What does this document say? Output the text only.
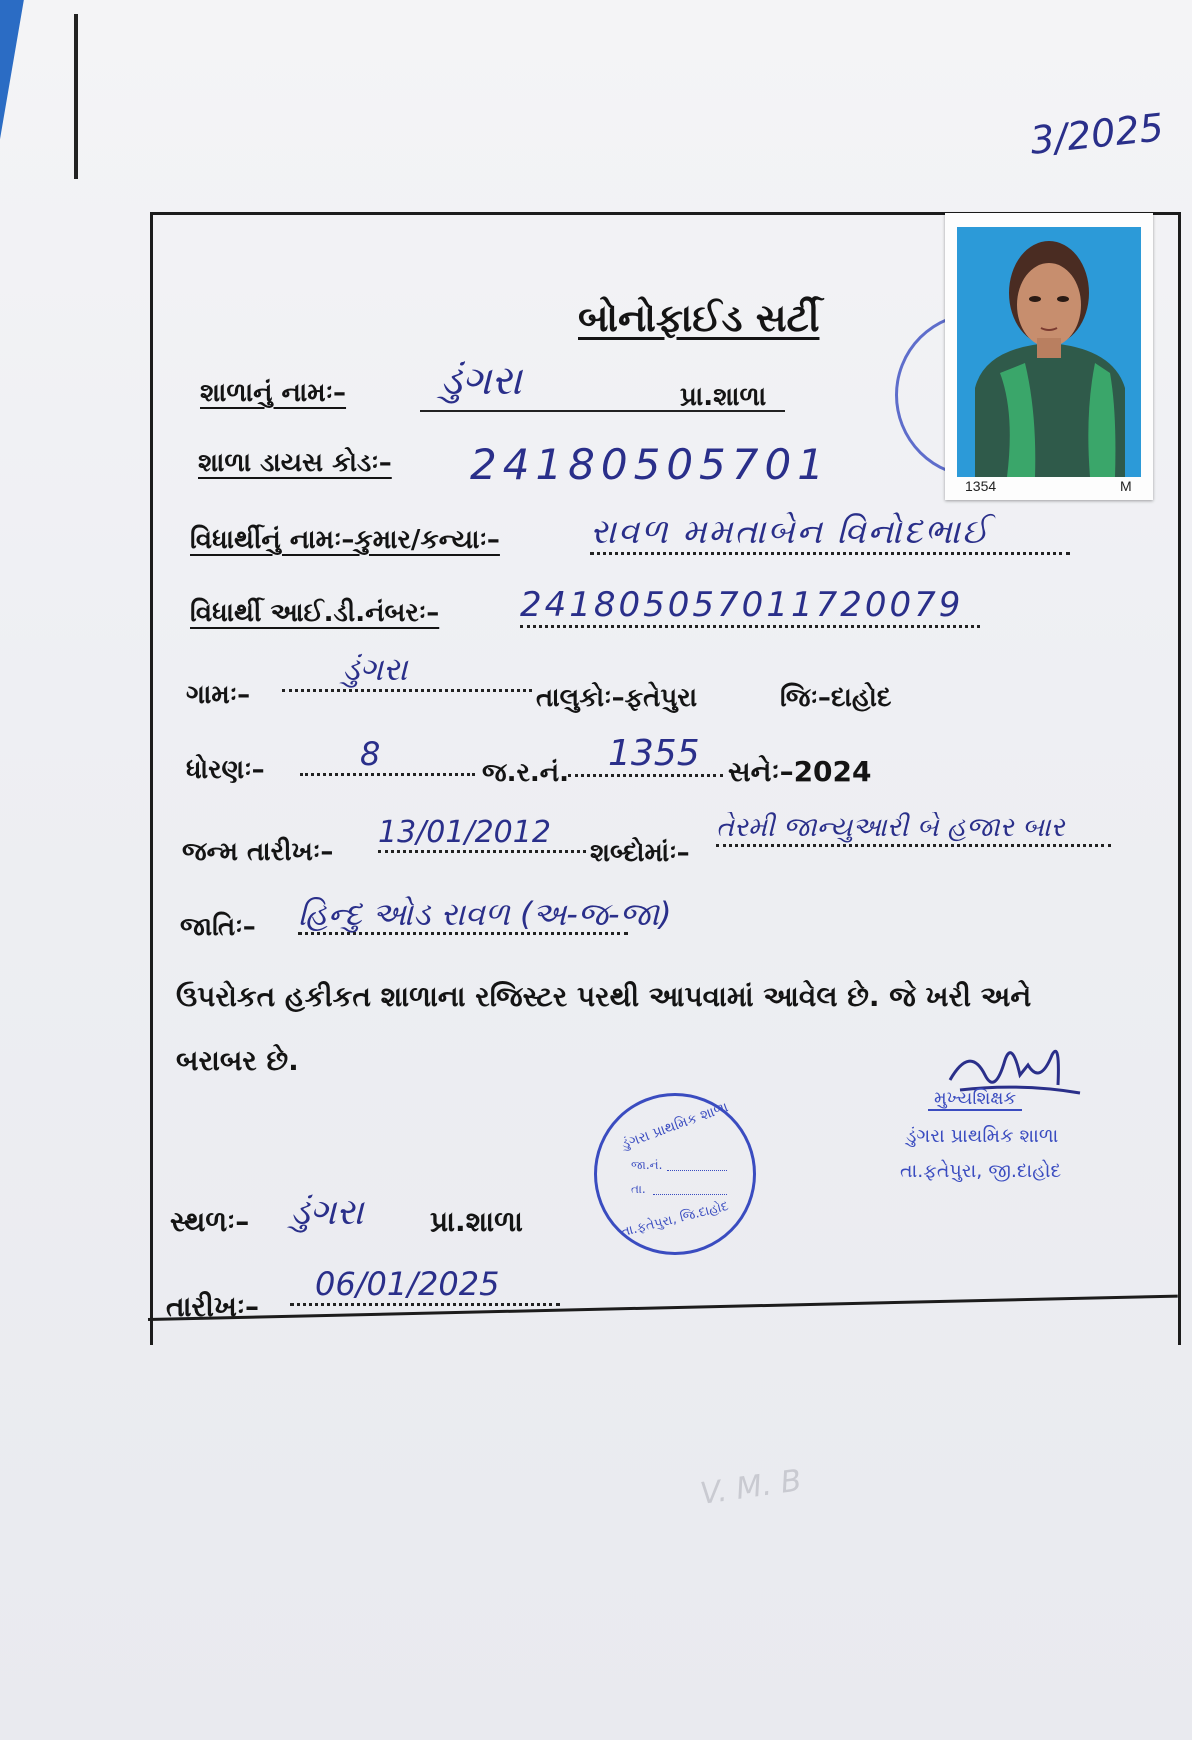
3/2025
1354	M
બોનોફાઈડ સર્ટી
શાળાનું નામઃ– ડુંગરા	પ્રા.શાળા
શાળા ડાયસ કોડઃ– 24180505701
વિધાર્થીનું નામઃ–કુમાર/કન્યાઃ–	રાવળ મમતાબેન વિનોદભાઈ
વિધાર્થી આઈ.ડી.નંબરઃ– 241805057011720079
ગામઃ–
ડુંગરા
તાલુકોઃ–ફતેપુરા	જિઃ–દાહોદ
ધોરણઃ–	8	જ.ર.નં.	1355	સનેઃ–2024
જન્મ તારીખઃ–
13/01/2012
શબ્દોમાંઃ–
તેરમી જાન્યુઆરી બે હજાર બાર
જાતિઃ– હિન્દુ ઓડ રાવળ (અ-જ-જા)
ઉપરોકત હકીકત શાળાના રજિસ્ટર પરથી આપવામાં આવેલ છે. જે ખરી અને
બરાબર છે.
ડુંગરા પ્રાથમિક શાળા
જા.નં.
તા.
તા.ફતેપુરા, જિ.દાહોદ
મુખ્યશિક્ષક
ડુંગરા પ્રાથમિક શાળા
તા.ફતેપુરા, જી.દાહોદ
સ્થળઃ– ડુંગરા પ્રા.શાળા
તારીખઃ–
06/01/2025
V. M. B
